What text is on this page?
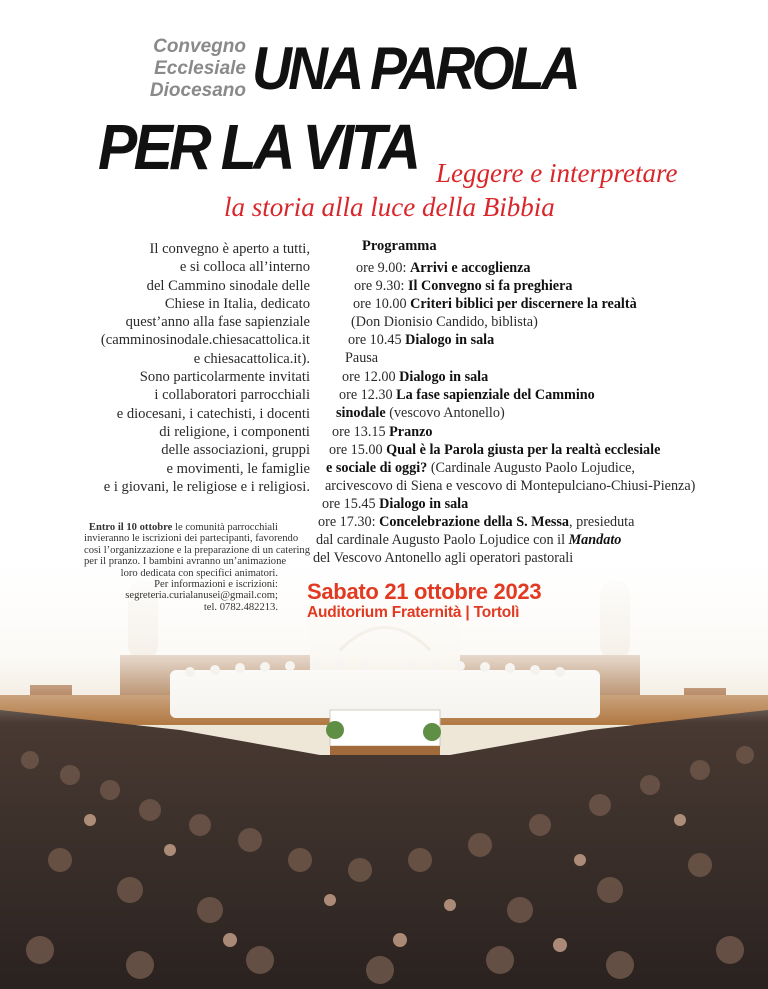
Convegno
Ecclesiale
Diocesano UNA PAROLA
PER LA VITA Leggere e interpretare
la storia alla luce della Bibbia
Il convegno è aperto a tutti,
e si colloca all’interno
del Cammino sinodale delle
Chiese in Italia, dedicato
quest’anno alla fase sapienziale
(camminosinodale.chiesacattolica.it
e chiesacattolica.it).
Sono particolarmente invitati
i collaboratori parrocchiali
e diocesani, i catechisti, i docenti
di religione, i componenti
delle associazioni, gruppi
e movimenti, le famiglie
e i giovani, le religiose e i religiosi.
Programma
ore 9.00: Arrivi e accoglienza
ore 9.30: Il Convegno si fa preghiera
ore 10.00 Criteri biblici per discernere la realtà
(Don Dionisio Candido, biblista)
ore 10.45 Dialogo in sala
Pausa
ore 12.00 Dialogo in sala
ore 12.30 La fase sapienziale del Cammino
sinodale (vescovo Antonello)
ore 13.15 Pranzo
ore 15.00 Qual è la Parola giusta per la realtà ecclesiale
e sociale di oggi? (Cardinale Augusto Paolo Lojudice,
arcivescovo di Siena e vescovo di Montepulciano-Chiusi-Pienza)
ore 15.45 Dialogo in sala
ore 17.30: Concelebrazione della S. Messa, presieduta
dal cardinale Augusto Paolo Lojudice con il Mandato
del Vescovo Antonello agli operatori pastorali
Entro il 10 ottobre le comunità parrocchiali
invieranno le iscrizioni dei partecipanti, favorendo
così l’organizzazione e la preparazione di un catering
per il pranzo. I bambini avranno un’animazione
loro dedicata con specifici animatori.
Per informazioni e iscrizioni:
segreteria.curialanusei@gmail.com;
tel. 0782.482213.
Sabato 21 ottobre 2023
Auditorium Fraternità | Tortolì
